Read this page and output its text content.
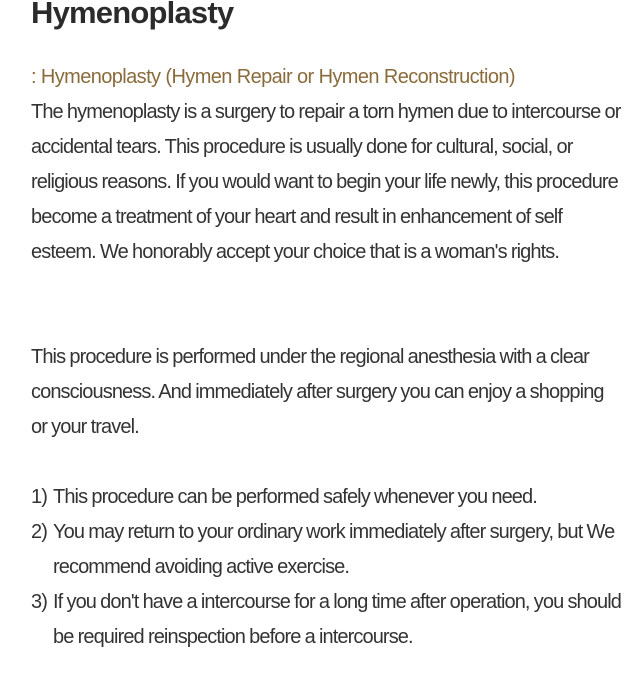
Hymenoplasty

: Hymenoplasty (Hymen Repair or Hymen Reconstruction)

The hymenoplasty is a surgery to repair a torn hymen due to intercourse or accidental tears. This procedure is usually done for cultural, social, or religious reasons. If you would want to begin your life newly, this procedure become a treatment of your heart and result in enhancement of self esteem. We honorably accept your choice that is a woman's rights.

This procedure is performed under the regional anesthesia with a clear consciousness. And immediately after surgery you can enjoy a shopping or your travel.

1) This procedure can be performed safely whenever you need.
2) You may return to your ordinary work immediately after surgery, but We recommend avoiding active exercise.
3) If you don't have a intercourse for a long time after operation, you should be required reinspection before a intercourse.
